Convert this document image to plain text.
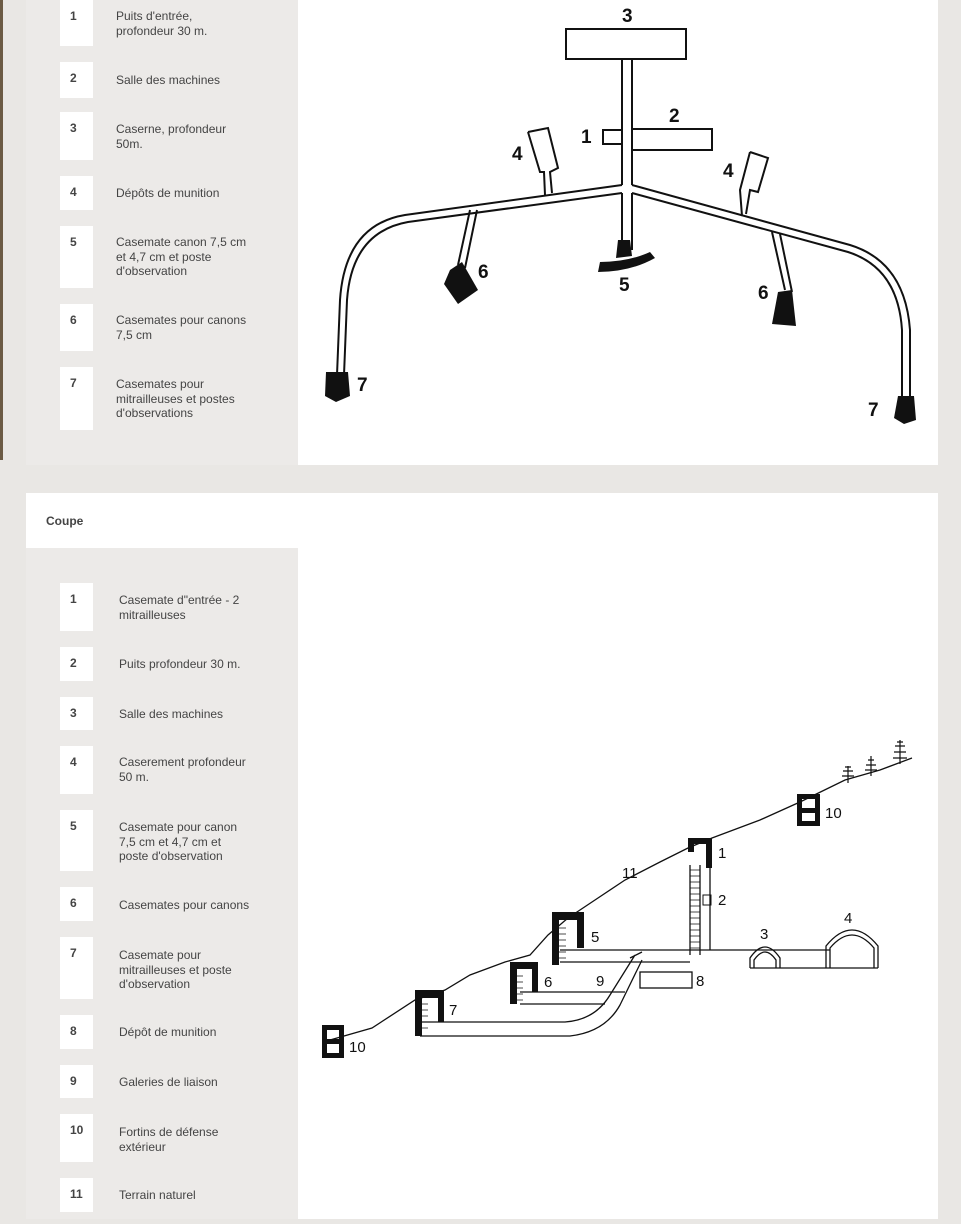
1	Puits d'entrée, profondeur 30 m.
2	Salle des machines
3	Caserne, profondeur 50m.
4	Dépôts de munition
5	Casemate canon 7,5 cm et 4,7 cm et poste d'observation
6	Casemates pour canons 7,5 cm
7	Casemates pour mitrailleuses et postes d'observations
3
2
1
4
4
5
6
6
7
7
Coupe
1	Casemate d"entrée - 2 mitrailleuses
2	Puits profondeur 30 m.
3	Salle des machines
4	Caserement profondeur 50 m.
5	Casemate pour canon 7,5 cm et 4,7 cm et poste d'observation
6	Casemates pour canons
7	Casemate pour mitrailleuses et poste d'observation
8	Dépôt de munition
9	Galeries de liaison
10	Fortins de défense extérieur
11	Terrain naturel
1
2
3
4
5
6
7
8
9
10
10
11
